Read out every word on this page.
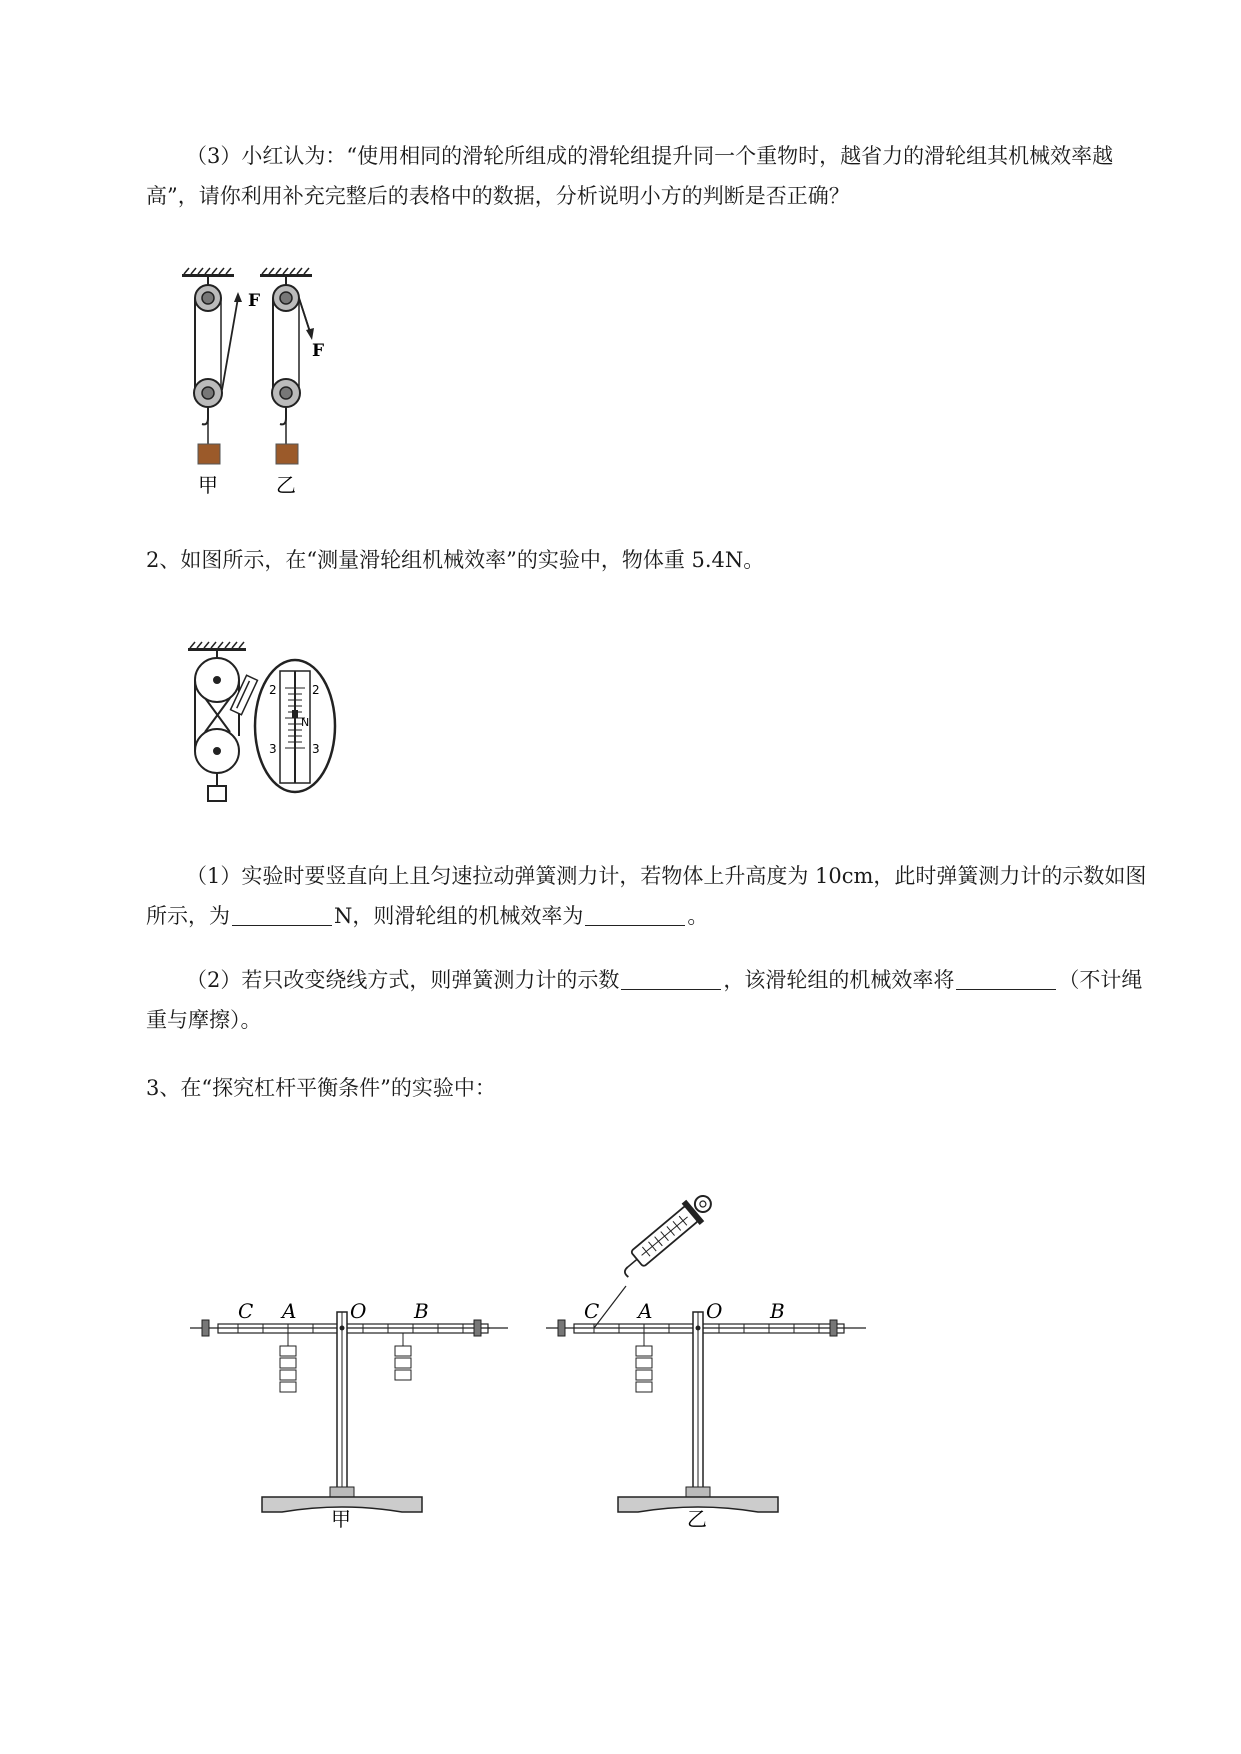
（3）小红认为：“使用相同的滑轮所组成的滑轮组提升同一个重物时，越省力的滑轮组其机械效率越高”，请你利用补充完整后的表格中的数据，分析说明小方的判断是否正确？

F
F
甲	乙

2、如图所示，在“测量滑轮组机械效率”的实验中，物体重 5.4N。

2	2
N
3	3

（1）实验时要竖直向上且匀速拉动弹簧测力计，若物体上升高度为 10cm，此时弹簧测力计的示数如图所示，为	N，则滑轮组的机械效率为	。

（2）若只改变绕线方式，则弹簧测力计的示数	，该滑轮组的机械效率将	（不计绳重与摩擦）。

3、在“探究杠杆平衡条件”的实验中：

C A	O B
甲
C A	O B
乙
